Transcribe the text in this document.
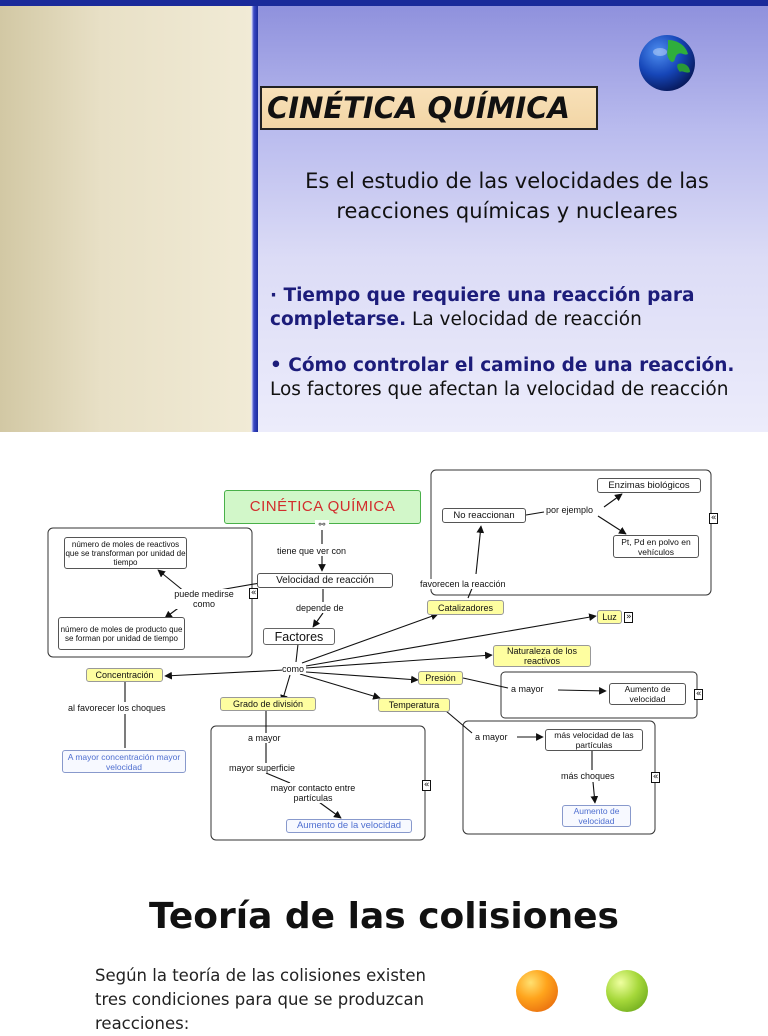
CINÉTICA QUÍMICA
Es el estudio de las velocidades de las reacciones químicas y nucleares
· Tiempo que requiere una reacción para completarse. La velocidad de reacción
• Cómo controlar el camino de una reacción. Los factores que afectan la velocidad de reacción
CINÉTICA QUÍMICA
⚯
tiene que ver con
Velocidad de reacción
número de moles de reactivos que se transforman por unidad de tiempo
puede medirse como
«
número de moles de producto que se forman por unidad de tiempo
depende de
Factores
como
Concentración
al favorecer los choques
A mayor concentración mayor velocidad
Grado de división
a mayor
mayor superficie
mayor contacto entre partículas
Aumento de la velocidad
«
Temperatura
a mayor	más velocidad de las partículas
más choques
Aumento de velocidad
«
Presión
a mayor	Aumento de velocidad	«
Naturaleza de los reactivos
Luz	»
Catalizadores
favorecen la reacción
No reaccionan	por ejemplo
Enzimas biológicos
Pt, Pd en polvo en vehículos
«
Teoría de las colisiones
Según la teoría de las colisiones existen tres condiciones para que se produzcan reacciones:
